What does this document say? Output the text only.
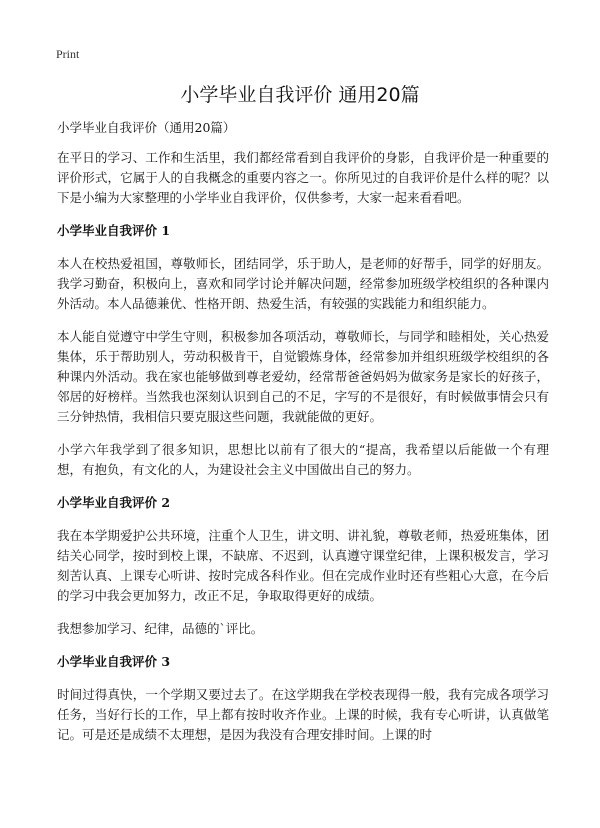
Print
小学毕业自我评价 通用20篇
小学毕业自我评价（通用20篇）

在平日的学习、工作和生活里，我们都经常看到自我评价的身影，自我评价是一种重要的评价形式，它属于人的自我概念的重要内容之一。你所见过的自我评价是什么样的呢？以下是小编为大家整理的小学毕业自我评价，仅供参考，大家一起来看看吧。

小学毕业自我评价 1

本人在校热爱祖国，尊敬师长，团结同学，乐于助人，是老师的好帮手，同学的好朋友。我学习勤奋，积极向上，喜欢和同学讨论并解决问题，经常参加班级学校组织的各种课内外活动。本人品德兼优、性格开朗、热爱生活，有较强的实践能力和组织能力。

本人能自觉遵守中学生守则，积极参加各项活动，尊敬师长，与同学和睦相处，关心热爱集体，乐于帮助别人，劳动积极肯干，自觉锻炼身体，经常参加并组织班级学校组织的各种课内外活动。我在家也能够做到尊老爱幼，经常帮爸爸妈妈为做家务是家长的好孩子，邻居的好榜样。当然我也深刻认识到自己的不足，字写的不是很好，有时候做事情会只有三分钟热情，我相信只要克服这些问题，我就能做的更好。

小学六年我学到了很多知识，思想比以前有了很大的“提高，我希望以后能做一个有理想，有抱负，有文化的人，为建设社会主义中国做出自己的努力。

小学毕业自我评价 2

我在本学期爱护公共环境，注重个人卫生，讲文明、讲礼貌，尊敬老师，热爱班集体，团结关心同学，按时到校上课，不缺席、不迟到，认真遵守课堂纪律，上课积极发言，学习刻苦认真、上课专心听讲、按时完成各科作业。但在完成作业时还有些粗心大意，在今后的学习中我会更加努力，改正不足，争取取得更好的成绩。

我想参加学习、纪律，品德的`评比。

小学毕业自我评价 3

时间过得真快，一个学期又要过去了。在这学期我在学校表现得一般，我有完成各项学习任务，当好行长的工作，早上都有按时收齐作业。上课的时候，我有专心听讲，认真做笔记。可是还是成绩不太理想，是因为我没有合理安排时间。上课的时
